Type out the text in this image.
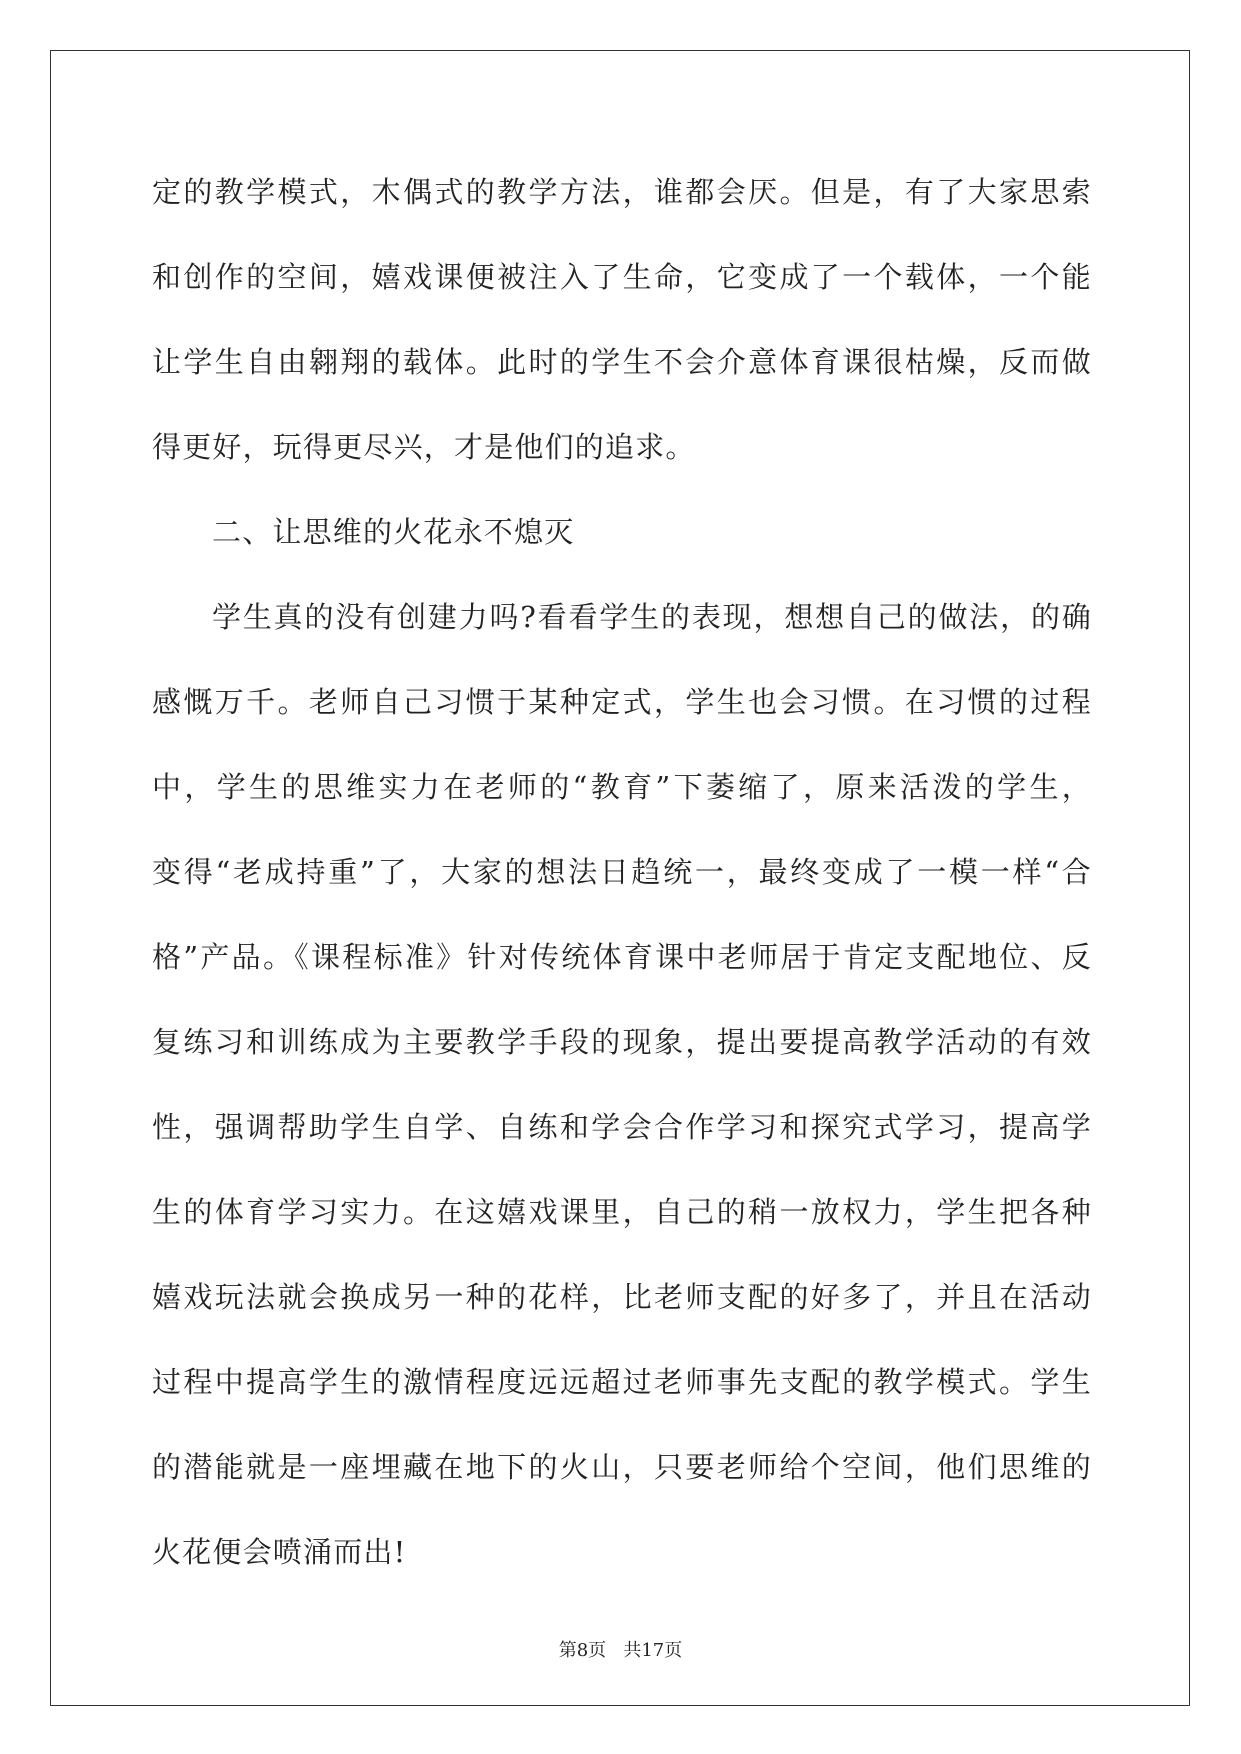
定的教学模式，木偶式的教学方法，谁都会厌。但是，有了大家思索
和创作的空间，嬉戏课便被注入了生命，它变成了一个载体，一个能
让学生自由翱翔的载体。此时的学生不会介意体育课很枯燥，反而做
得更好，玩得更尽兴，才是他们的追求。
二、让思维的火花永不熄灭
学生真的没有创建力吗?看看学生的表现，想想自己的做法，的确
感慨万千。老师自己习惯于某种定式，学生也会习惯。在习惯的过程
中，学生的思维实力在老师的“教育”下萎缩了，原来活泼的学生，
变得“老成持重”了，大家的想法日趋统一，最终变成了一模一样“合
格”产品。《课程标准》针对传统体育课中老师居于肯定支配地位、反
复练习和训练成为主要教学手段的现象，提出要提高教学活动的有效
性，强调帮助学生自学、自练和学会合作学习和探究式学习，提高学
生的体育学习实力。在这嬉戏课里，自己的稍一放权力，学生把各种
嬉戏玩法就会换成另一种的花样，比老师支配的好多了，并且在活动
过程中提高学生的激情程度远远超过老师事先支配的教学模式。学生
的潜能就是一座埋藏在地下的火山，只要老师给个空间，他们思维的
火花便会喷涌而出!
第8页   共17页
